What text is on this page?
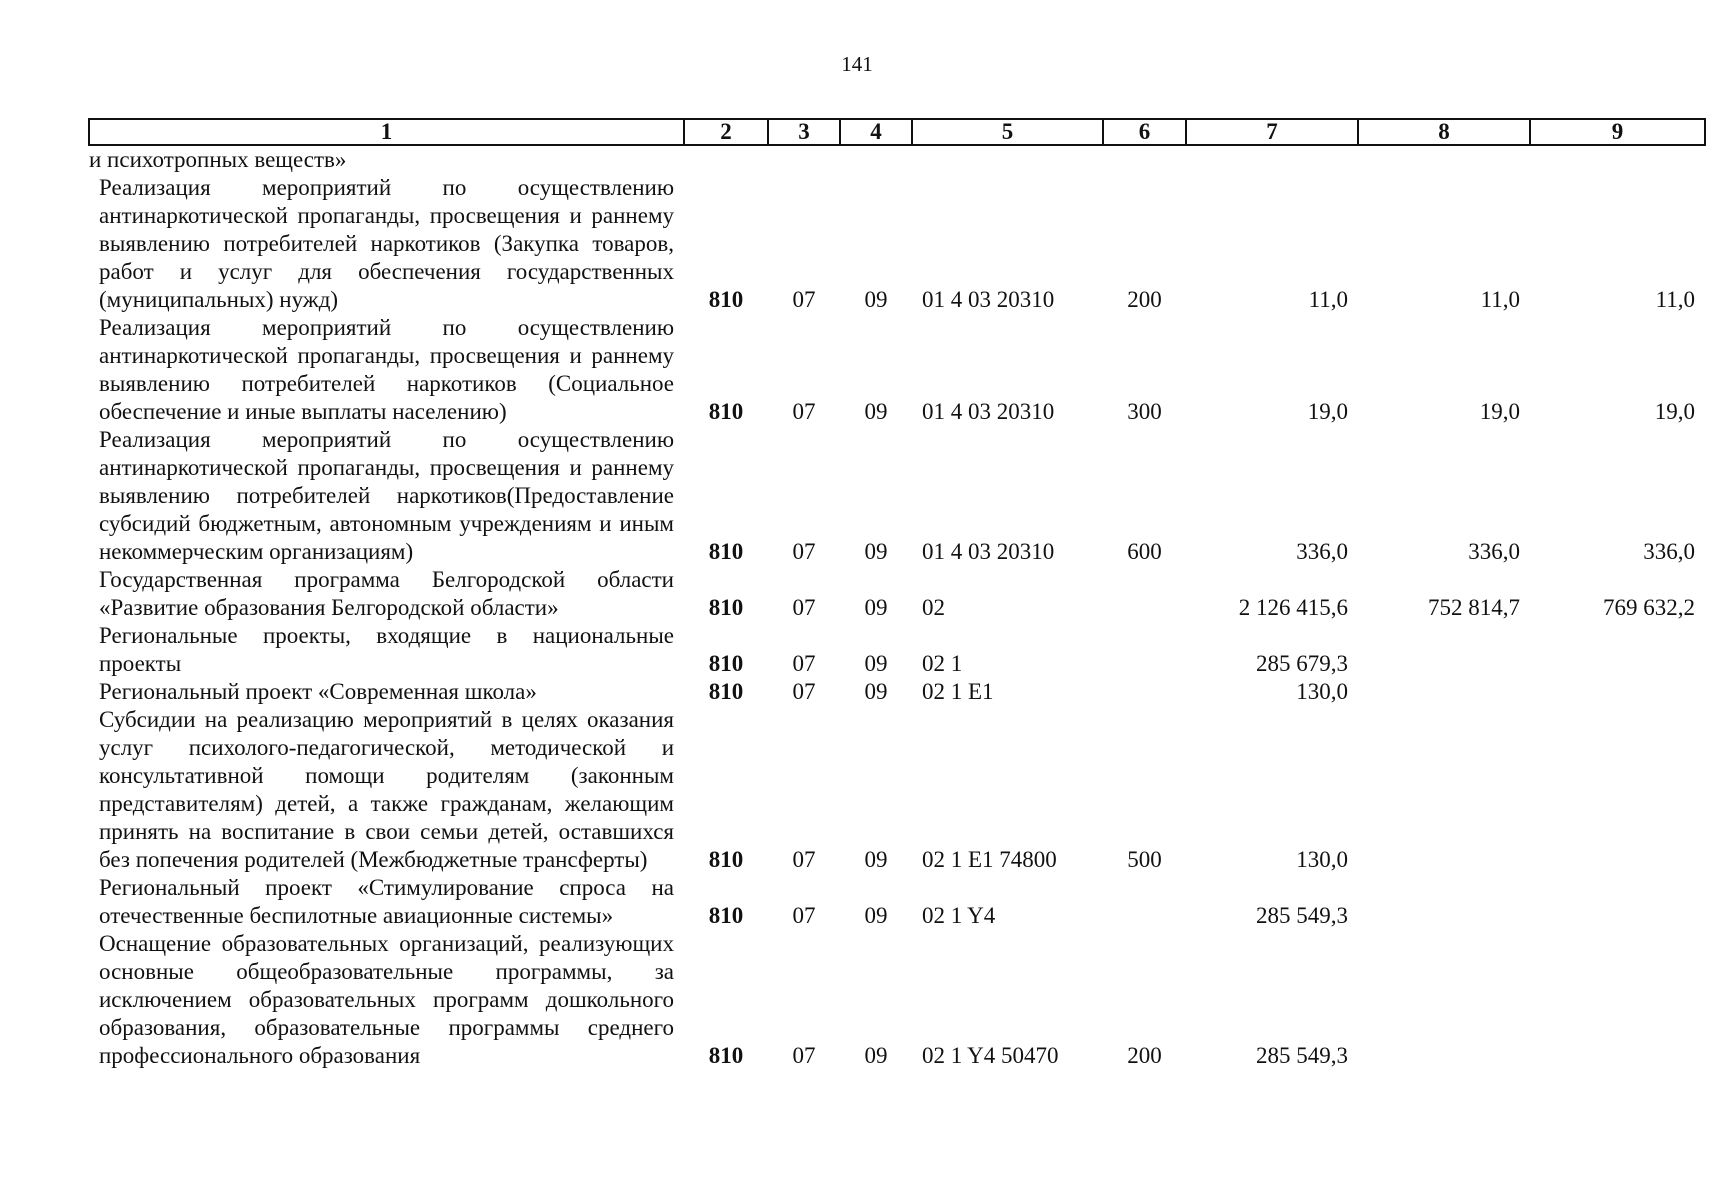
141
1	2	3	4	5	6	7	8	9
и психотропных веществ»								
Реализация мероприятий по осуществлению антинаркотической пропаганды, просвещения и раннему выявлению потребителей наркотиков (Закупка товаров, работ и услуг для обеспечения государственных (муниципальных) нужд)	810	07	09	01 4 03 20310	200	11,0	11,0	11,0
Реализация мероприятий по осуществлению антинаркотической пропаганды, просвещения и раннему выявлению потребителей наркотиков (Социальное обеспечение и иные выплаты населению)	810	07	09	01 4 03 20310	300	19,0	19,0	19,0
Реализация мероприятий по осуществлению антинаркотической пропаганды, просвещения и раннему выявлению потребителей наркотиков(Предоставление субсидий бюджетным, автономным учреждениям и иным некоммерческим организациям)	810	07	09	01 4 03 20310	600	336,0	336,0	336,0
Государственная программа Белгородской области «Развитие образования Белгородской области»	810	07	09	02		2 126 415,6	752 814,7	769 632,2
Региональные проекты, входящие в национальные проекты	810	07	09	02 1		285 679,3		
Региональный проект «Современная школа»	810	07	09	02 1 Е1		130,0		
Субсидии на реализацию мероприятий в целях оказания услуг психолого-педагогической, методической и консультативной помощи родителям (законным представителям) детей, а также гражданам, желающим принять на воспитание в свои семьи детей, оставшихся без попечения родителей (Межбюджетные трансферты)	810	07	09	02 1 Е1 74800	500	130,0		
Региональный проект «Стимулирование спроса на отечественные беспилотные авиационные системы»	810	07	09	02 1 Y4		285 549,3		
Оснащение образовательных организаций, реализующих основные общеобразовательные программы, за исключением образовательных программ дошкольного образования, образовательные программы среднего профессионального образования	810	07	09	02 1 Y4 50470	200	285 549,3		
